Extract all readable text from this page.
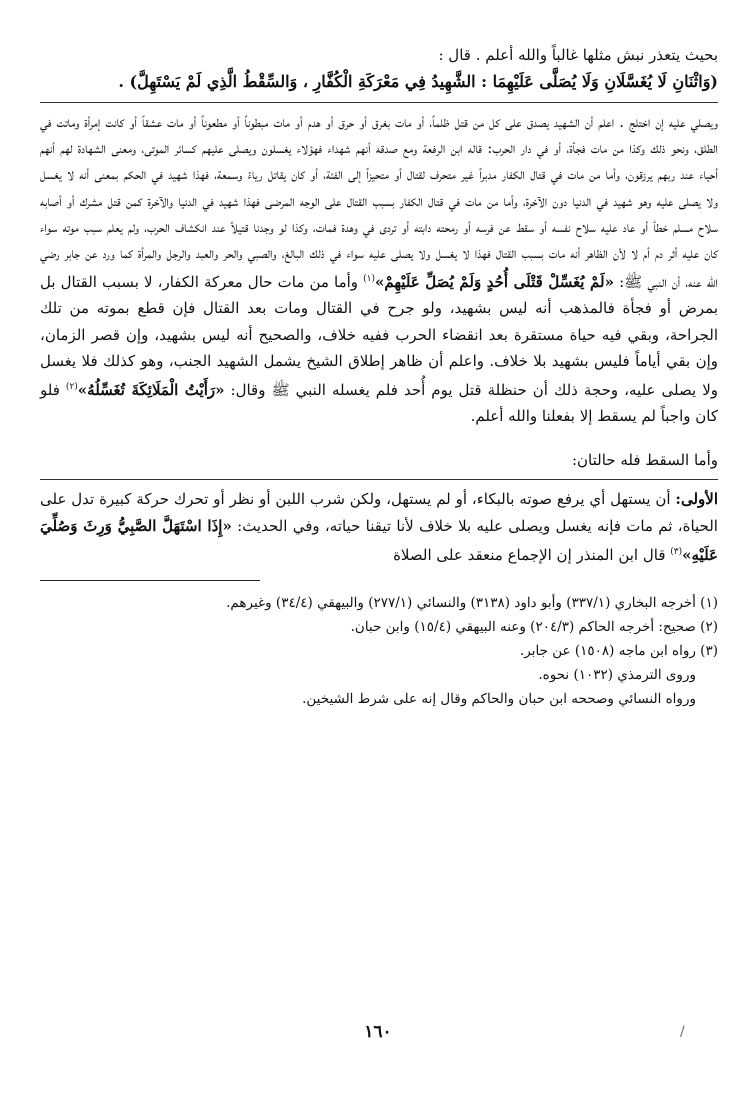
بحيث يتعذر نبش مثلها غالباً والله أعلم . قال :

(وَاثْنَانِ لَا يُغَسَّلَانِ وَلَا يُصَلَّى عَلَيْهِمَا : الشَّهِيدُ فِي مَعْرَكَةِ الْكُفَّارِ ، وَالسِّقْطُ الَّذِي لَمْ يَسْتَهِلَّ) .

ويصلي عليه إن اختلج . اعلم أن الشهيد يصدق على كل من قتل ظلماً، أو مات بغرق أو حرق أو هدم أو مات مبطوناً أو مطعوناً أو مات عشقاً أو كانت إمرأة وماتت في الطلق، ونحو ذلك وكذا من مات فجأة، أو في دار الحرب: قاله ابن الرفعة ومع صدقه أنهم شهداء فهؤلاء يغسلون ويصلى عليهم كسائر الموتى، ومعنى الشهادة لهم أنهم أحياء عند ربهم يرزقون، وأما من مات في قتال الكفار مدبراً غير متحرف لقتال أو متحيزاً إلى الفئة، أو كان يقاتل رياءً وسمعة، فهذا شهيد في الحكم بمعنى أنه لا يغسل ولا يصلى عليه وهو شهيد في الدنيا دون الآخرة، وأما من مات في قتال الكفار بسبب القتال على الوجه المرضى فهذا شهيد في الدنيا والآخرة كمن قتل مشرك أو أصابه سلاح مسلم خطأ أو عاد عليه سلاح نفسه أو سقط عن فرسه أو رمحته دابته أو تردى في وهدة فمات، وكذا لو وجدنا قتيلاً عند انكشاف الحرب، ولم يعلم سبب موته سواء كان عليه أثر دم أم لا لأن الظاهر أنه مات بسبب القتال فهذا لا يغسل ولا يصلى عليه سواء في ذلك البالغ، والصبي والحر والعبد والرجل والمرأة كما ورد عن جابر رضي الله عنه، أن النبي ﷺ: «لَمْ يُغَسِّلْ قَتْلَى أُحُدٍ وَلَمْ يُصَلِّ عَلَيْهِمْ»$^{(١)}$ وأما من مات حال معركة الكفار، لا بسبب القتال بل بمرض أو فجأة فالمذهب أنه ليس بشهيد، ولو جرح في القتال ومات بعد القتال فإن قطع بموته من تلك الجراحة، وبقي فيه حياة مستقرة بعد انقضاء الحرب ففيه خلاف، والصحيح أنه ليس بشهيد، وإن قصر الزمان، وإن بقي أياماً فليس بشهيد بلا خلاف. واعلم أن ظاهر إطلاق الشيخ يشمل الشهيد الجنب، وهو كذلك فلا يغسل ولا يصلى عليه، وحجة ذلك أن حنظلة قتل يوم أُحد فلم يغسله النبي ﷺ وقال: «رَأَيْتُ الْمَلَائِكَةَ تُغَسِّلُهُ»$^{(٢)}$ فلو كان واجباً لم يسقط إلا بفعلنا والله أعلم.

وأما السقط فله حالتان:

الأولى: أن يستهل أي يرفع صوته بالبكاء، أو لم يستهل، ولكن شرب اللبن أو نظر أو تحرك حركة كبيرة تدل على الحياة، ثم مات فإنه يغسل ويصلى عليه بلا خلاف لأنا تيقنا حياته، وفي الحديث: «إِذَا اسْتَهَلَّ الصَّبِيُّ وَرِثَ وَصُلِّيَ عَلَيْهِ»$^{(٣)}$ قال ابن المنذر إن الإجماع منعقد على الصلاة

(١) أخرجه البخاري (٣٣٧/١) وأبو داود (٣١٣٨) والنسائي (٢٧٧/١) والبيهقي (٣٤/٤) وغيرهم.

(٢) صحيح: أخرجه الحاكم (٢٠٤/٣) وعنه البيهقي (١٥/٤) وابن حبان.

(٣) رواه ابن ماجه (١٥٠٨) عن جابر.

وروى الترمذي (١٠٣٢) نحوه.

ورواه النسائي وصححه ابن حبان والحاكم وقال إنه على شرط الشيخين.

١٦٠	/
